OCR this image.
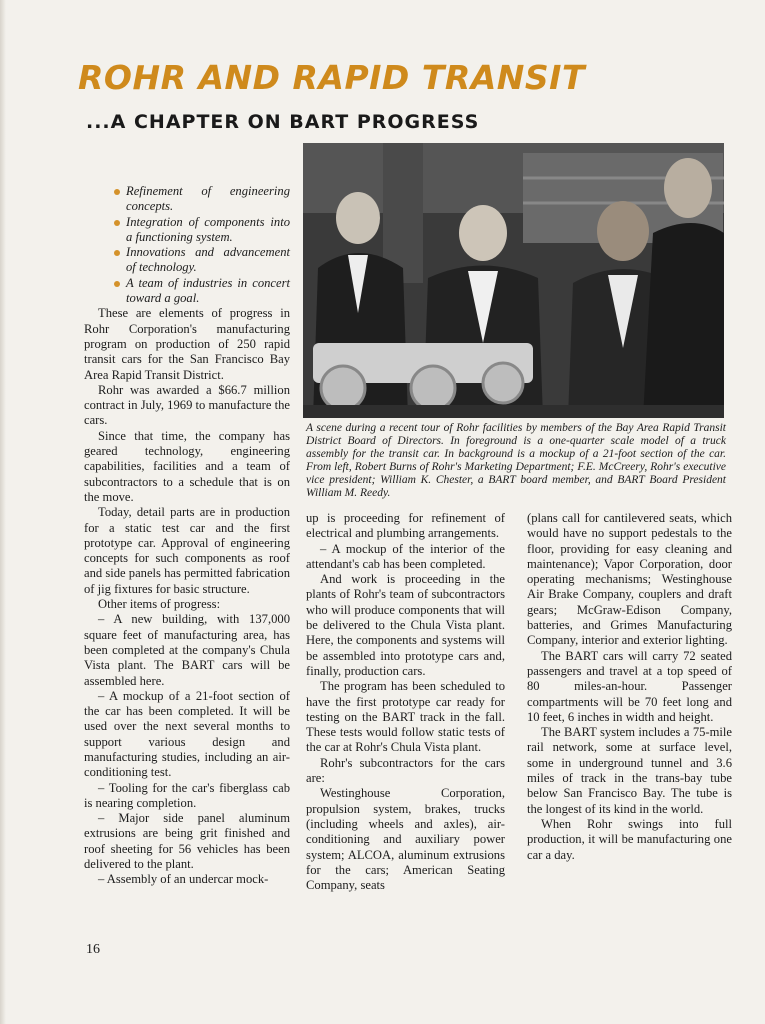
ROHR AND RAPID TRANSIT
...A CHAPTER ON BART PROGRESS

A scene during a recent tour of Rohr facilities by members of the Bay Area Rapid Transit District Board of Directors. In foreground is a one-quarter scale model of a truck assembly for the transit car. In background is a mockup of a 21-foot section of the car. From left, Robert Burns of Rohr's Marketing Department; F.E. McCreery, Rohr's executive vice president; William K. Chester, a BART board member, and BART Board President William M. Reedy.

Refinement of engineering concepts.
Integration of components into a functioning system.
Innovations and advancement of technology.
A team of industries in concert toward a goal.

These are elements of progress in Rohr Corporation's manufacturing program on production of 250 rapid transit cars for the San Francisco Bay Area Rapid Transit District.

Rohr was awarded a $66.7 million contract in July, 1969 to manufacture the cars.

Since that time, the company has geared technology, engineering capabilities, facilities and a team of subcontractors to a schedule that is on the move.

Today, detail parts are in production for a static test car and the first prototype car. Approval of engineering concepts for such components as roof and side panels has permitted fabrication of jig fixtures for basic structure.

Other items of progress:

– A new building, with 137,000 square feet of manufacturing area, has been completed at the company's Chula Vista plant. The BART cars will be assembled here.

– A mockup of a 21-foot section of the car has been completed. It will be used over the next several months to support various design and manufacturing studies, including an air-conditioning test.

– Tooling for the car's fiberglass cab is nearing completion.

– Major side panel aluminum extrusions are being grit finished and roof sheeting for 56 vehicles has been delivered to the plant.

– Assembly of an undercar mock-

up is proceeding for refinement of electrical and plumbing arrangements.

– A mockup of the interior of the attendant's cab has been completed.

And work is proceeding in the plants of Rohr's team of subcontractors who will produce components that will be delivered to the Chula Vista plant. Here, the components and systems will be assembled into prototype cars and, finally, production cars.

The program has been scheduled to have the first prototype car ready for testing on the BART track in the fall. These tests would follow static tests of the car at Rohr's Chula Vista plant.

Rohr's subcontractors for the cars are:

Westinghouse Corporation, propulsion system, brakes, trucks (including wheels and axles), air-conditioning and auxiliary power system; ALCOA, aluminum extrusions for the cars; American Seating Company, seats

(plans call for cantilevered seats, which would have no support pedestals to the floor, providing for easy cleaning and maintenance); Vapor Corporation, door operating mechanisms; Westinghouse Air Brake Company, couplers and draft gears; McGraw-Edison Company, batteries, and Grimes Manufacturing Company, interior and exterior lighting.

The BART cars will carry 72 seated passengers and travel at a top speed of 80 miles-an-hour. Passenger compartments will be 70 feet long and 10 feet, 6 inches in width and height.

The BART system includes a 75-mile rail network, some at surface level, some in underground tunnel and 3.6 miles of track in the trans-bay tube below San Francisco Bay. The tube is the longest of its kind in the world.

When Rohr swings into full production, it will be manufacturing one car a day.

16
